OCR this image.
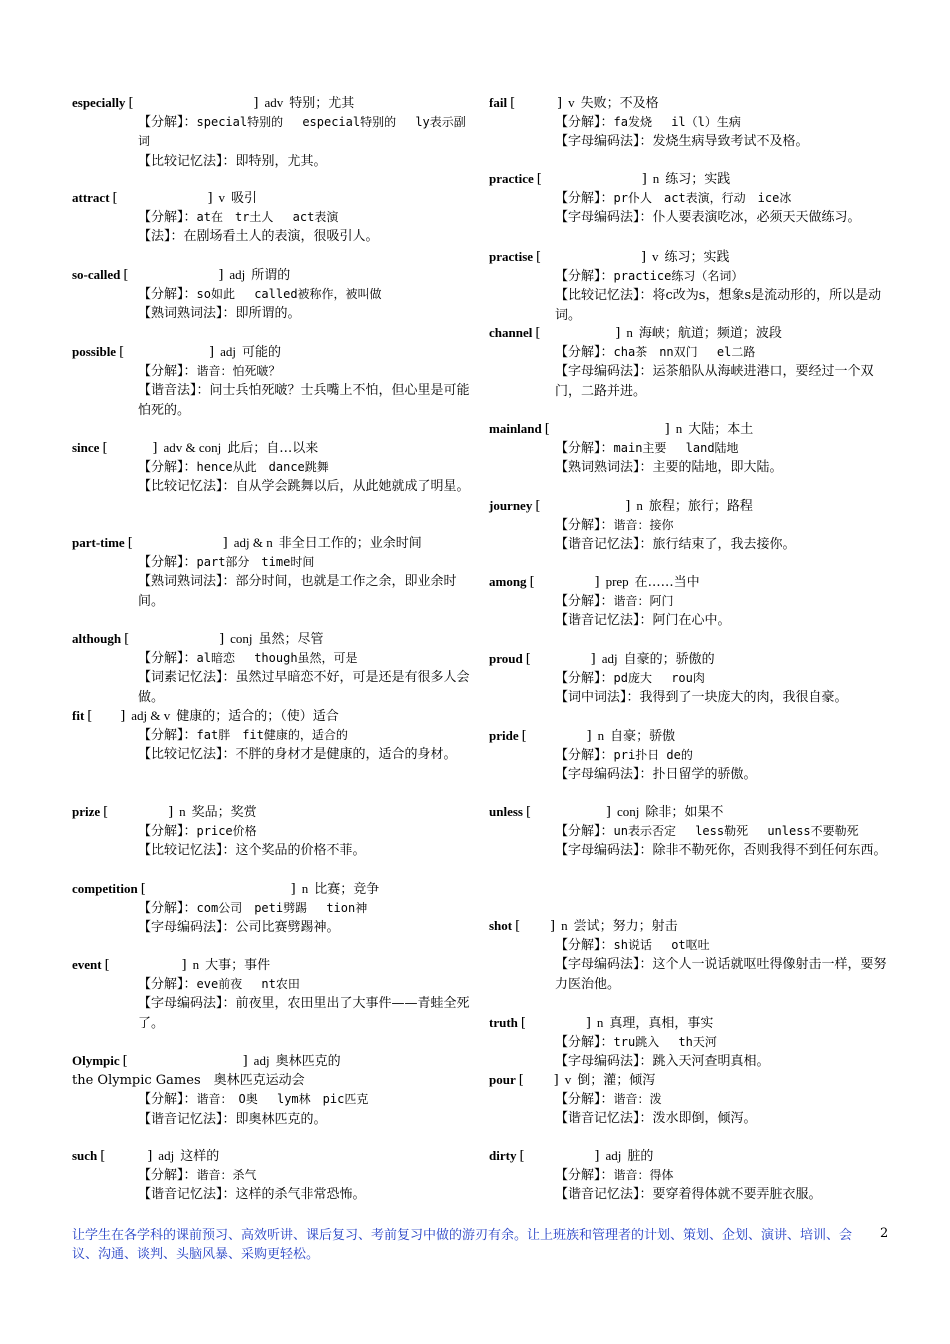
especially [	] adv 特别；尤其
【分解】：special特别的　 especial特别的　 ly表示副词
【比较记忆法】：即特别，尤其。
attract [	] v 吸引
【分解】：at在　tr土人　 act表演
【法】：在剧场看土人的表演，很吸引人。
so-called [	] adj 所谓的
【分解】：so如此　 called被称作，被叫做
【熟词熟词法】：即所谓的。
possible [	] adj 可能的
【分解】：谐音：怕死啵？
【谐音法】：问士兵怕死啵？士兵嘴上不怕，但心里是可能怕死的。
since [	] adv & conj 此后；自…以来
【分解】：hence从此　dance跳舞
【比较记忆法】：自从学会跳舞以后，从此她就成了明星。
part-time [	] adj & n 非全日工作的；业余时间
【分解】：part部分　time时间
【熟词熟词法】：部分时间，也就是工作之余，即业余时间。
although [	] conj 虽然；尽管
【分解】：al暗恋　 though虽然，可是
【词素记忆法】：虽然过早暗恋不好，可是还是有很多人会做。
fit [ ] adj & v 健康的；适合的；（使）适合
【分解】：fat胖　fit健康的，适合的
【比较记忆法】：不胖的身材才是健康的，适合的身材。
prize [	] n 奖品；奖赏
【分解】：price价格
【比较记忆法】：这个奖品的价格不菲。
competition [	] n 比赛；竞争
【分解】：com公司　peti劈踢　 tion神
【字母编码法】：公司比赛劈踢神。
event [	] n 大事；事件
【分解】：eve前夜　 nt农田
【字母编码法】：前夜里，农田里出了大事件——青蛙全死了。
Olympic [	] adj 奥林匹克的
the Olympic Games　奥林匹克运动会
【分解】：谐音：　O奥　 lym林　pic匹克
【谐音记忆法】：即奥林匹克的。
such [	] adj 这样的
【分解】：谐音：杀气
【谐音记忆法】：这样的杀气非常恐怖。
fail [	] v 失败；不及格
【分解】：fa发烧　 il（l）生病
【字母编码法】：发烧生病导致考试不及格。
practice [	] n 练习；实践
【分解】：pr仆人　act表演，行动　ice冰
【字母编码法】：仆人要表演吃冰，必须天天做练习。
practise [	] v 练习；实践
【分解】：practice练习（名词）
【比较记忆法】：将c改为s，想象s是流动形的，所以是动词。
channel [	] n 海峡；航道；频道；波段
【分解】：cha茶　nn双门　 el二路
【字母编码法】：运茶船队从海峡进港口，要经过一个双门，二路并进。
mainland [	] n 大陆；本土
【分解】：main主要　 land陆地
【熟词熟词法】：主要的陆地，即大陆。
journey [	] n 旅程；旅行；路程
【分解】：谐音：接你
【谐音记忆法】：旅行结束了，我去接你。
among [	] prep 在……当中
【分解】：谐音：阿门
【谐音记忆法】：阿门在心中。
proud [	] adj 自豪的；骄傲的
【分解】：pd庞大　 rou肉
【词中词法】：我得到了一块庞大的肉，我很自豪。
pride [	] n 自豪；骄傲
【分解】：pri扑日 de的
【字母编码法】：扑日留学的骄傲。
unless [	] conj 除非；如果不
【分解】：un表示否定　 less勒死　 unless不要勒死
【字母编码法】：除非不勒死你，否则我得不到任何东西。
shot [ ] n 尝试；努力；射击
【分解】：sh说话　 ot呕吐
【字母编码法】：这个人一说话就呕吐得像射击一样，要努力医治他。
truth [	] n 真理，真相，事实
【分解】：tru跳入　 th天河
【字母编码法】：跳入天河查明真相。
pour [ ] v 倒；灌；倾泻
【分解】：谐音：泼
【谐音记忆法】：泼水即倒，倾泻。
dirty [	] adj 脏的
【分解】：谐音：得体
【谐音记忆法】：要穿着得体就不要弄脏衣服。
让学生在各学科的课前预习、高效听讲、课后复习、考前复习中做的游刃有余。让上班族和管理者的计划、策划、企划、演讲、培训、会议、沟通、谈判、头脑风暴、采购更轻松。
2
